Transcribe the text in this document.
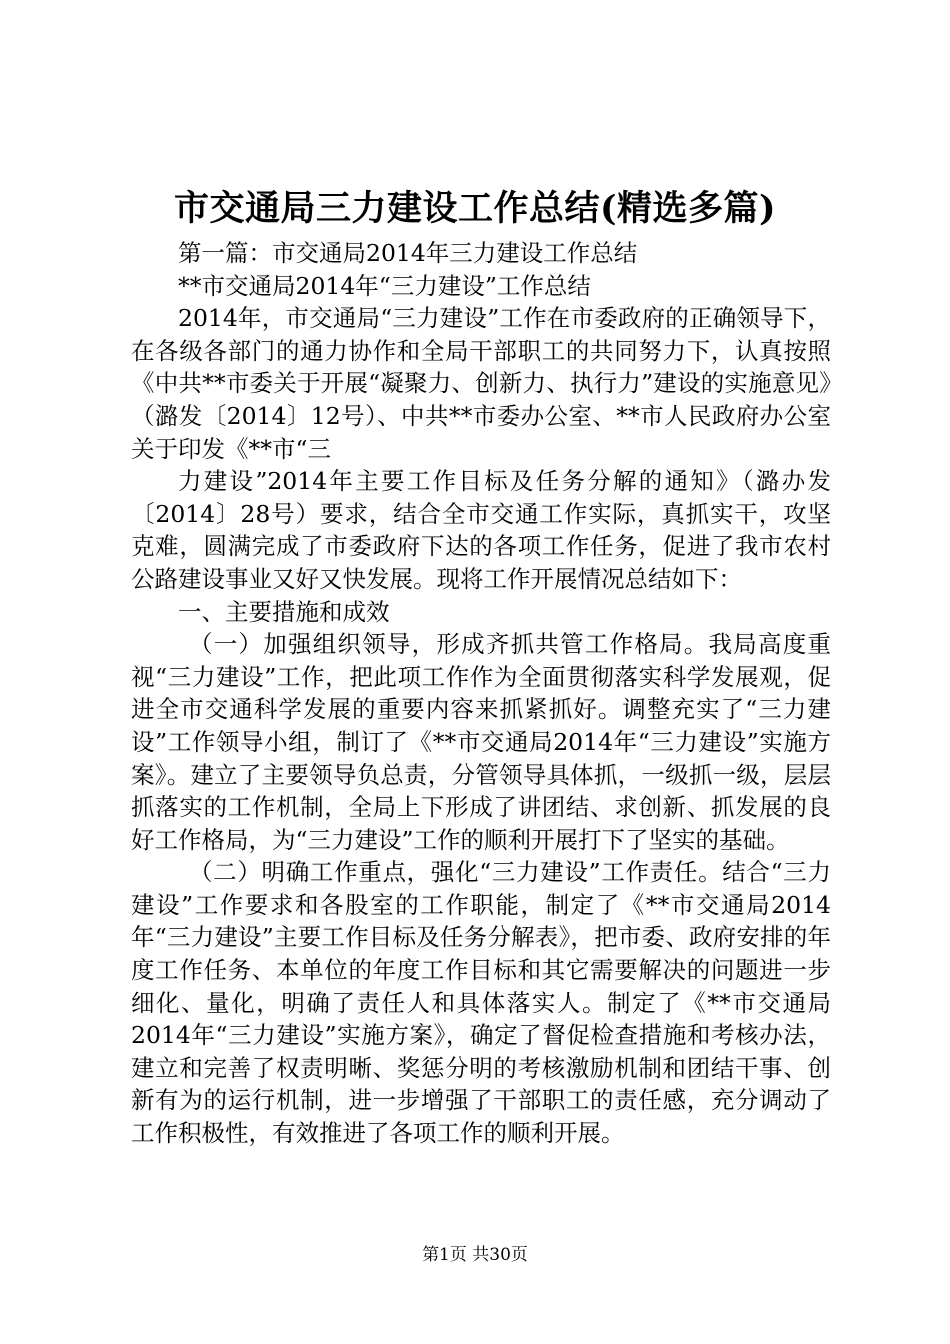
市交通局三力建设工作总结(精选多篇)

第一篇：市交通局2014年三力建设工作总结

**市交通局2014年“三力建设”工作总结

2014年，市交通局“三力建设”工作在市委政府的正确领导下，在各级各部门的通力协作和全局干部职工的共同努力下，认真按照《中共**市委关于开展“凝聚力、创新力、执行力”建设的实施意见》（潞发〔2014〕12号）、中共**市委办公室、**市人民政府办公室关于印发《**市“三

力建设”2014年主要工作目标及任务分解的通知》（潞办发〔2014〕28号）要求，结合全市交通工作实际，真抓实干，攻坚克难，圆满完成了市委政府下达的各项工作任务，促进了我市农村公路建设事业又好又快发展。现将工作开展情况总结如下：

一、主要措施和成效

（一）加强组织领导，形成齐抓共管工作格局。我局高度重视“三力建设”工作，把此项工作作为全面贯彻落实科学发展观，促进全市交通科学发展的重要内容来抓紧抓好。调整充实了“三力建设”工作领导小组，制订了《**市交通局2014年“三力建设”实施方案》。建立了主要领导负总责，分管领导具体抓，一级抓一级，层层抓落实的工作机制，全局上下形成了讲团结、求创新、抓发展的良好工作格局，为“三力建设”工作的顺利开展打下了坚实的基础。

（二）明确工作重点，强化“三力建设”工作责任。结合“三力建设”工作要求和各股室的工作职能，制定了《**市交通局2014年“三力建设”主要工作目标及任务分解表》，把市委、政府安排的年度工作任务、本单位的年度工作目标和其它需要解决的问题进一步细化、量化，明确了责任人和具体落实人。制定了《**市交通局2014年“三力建设”实施方案》，确定了督促检查措施和考核办法，建立和完善了权责明晰、奖惩分明的考核激励机制和团结干事、创新有为的运行机制，进一步增强了干部职工的责任感，充分调动了工作积极性，有效推进了各项工作的顺利开展。

第1页 共30页
